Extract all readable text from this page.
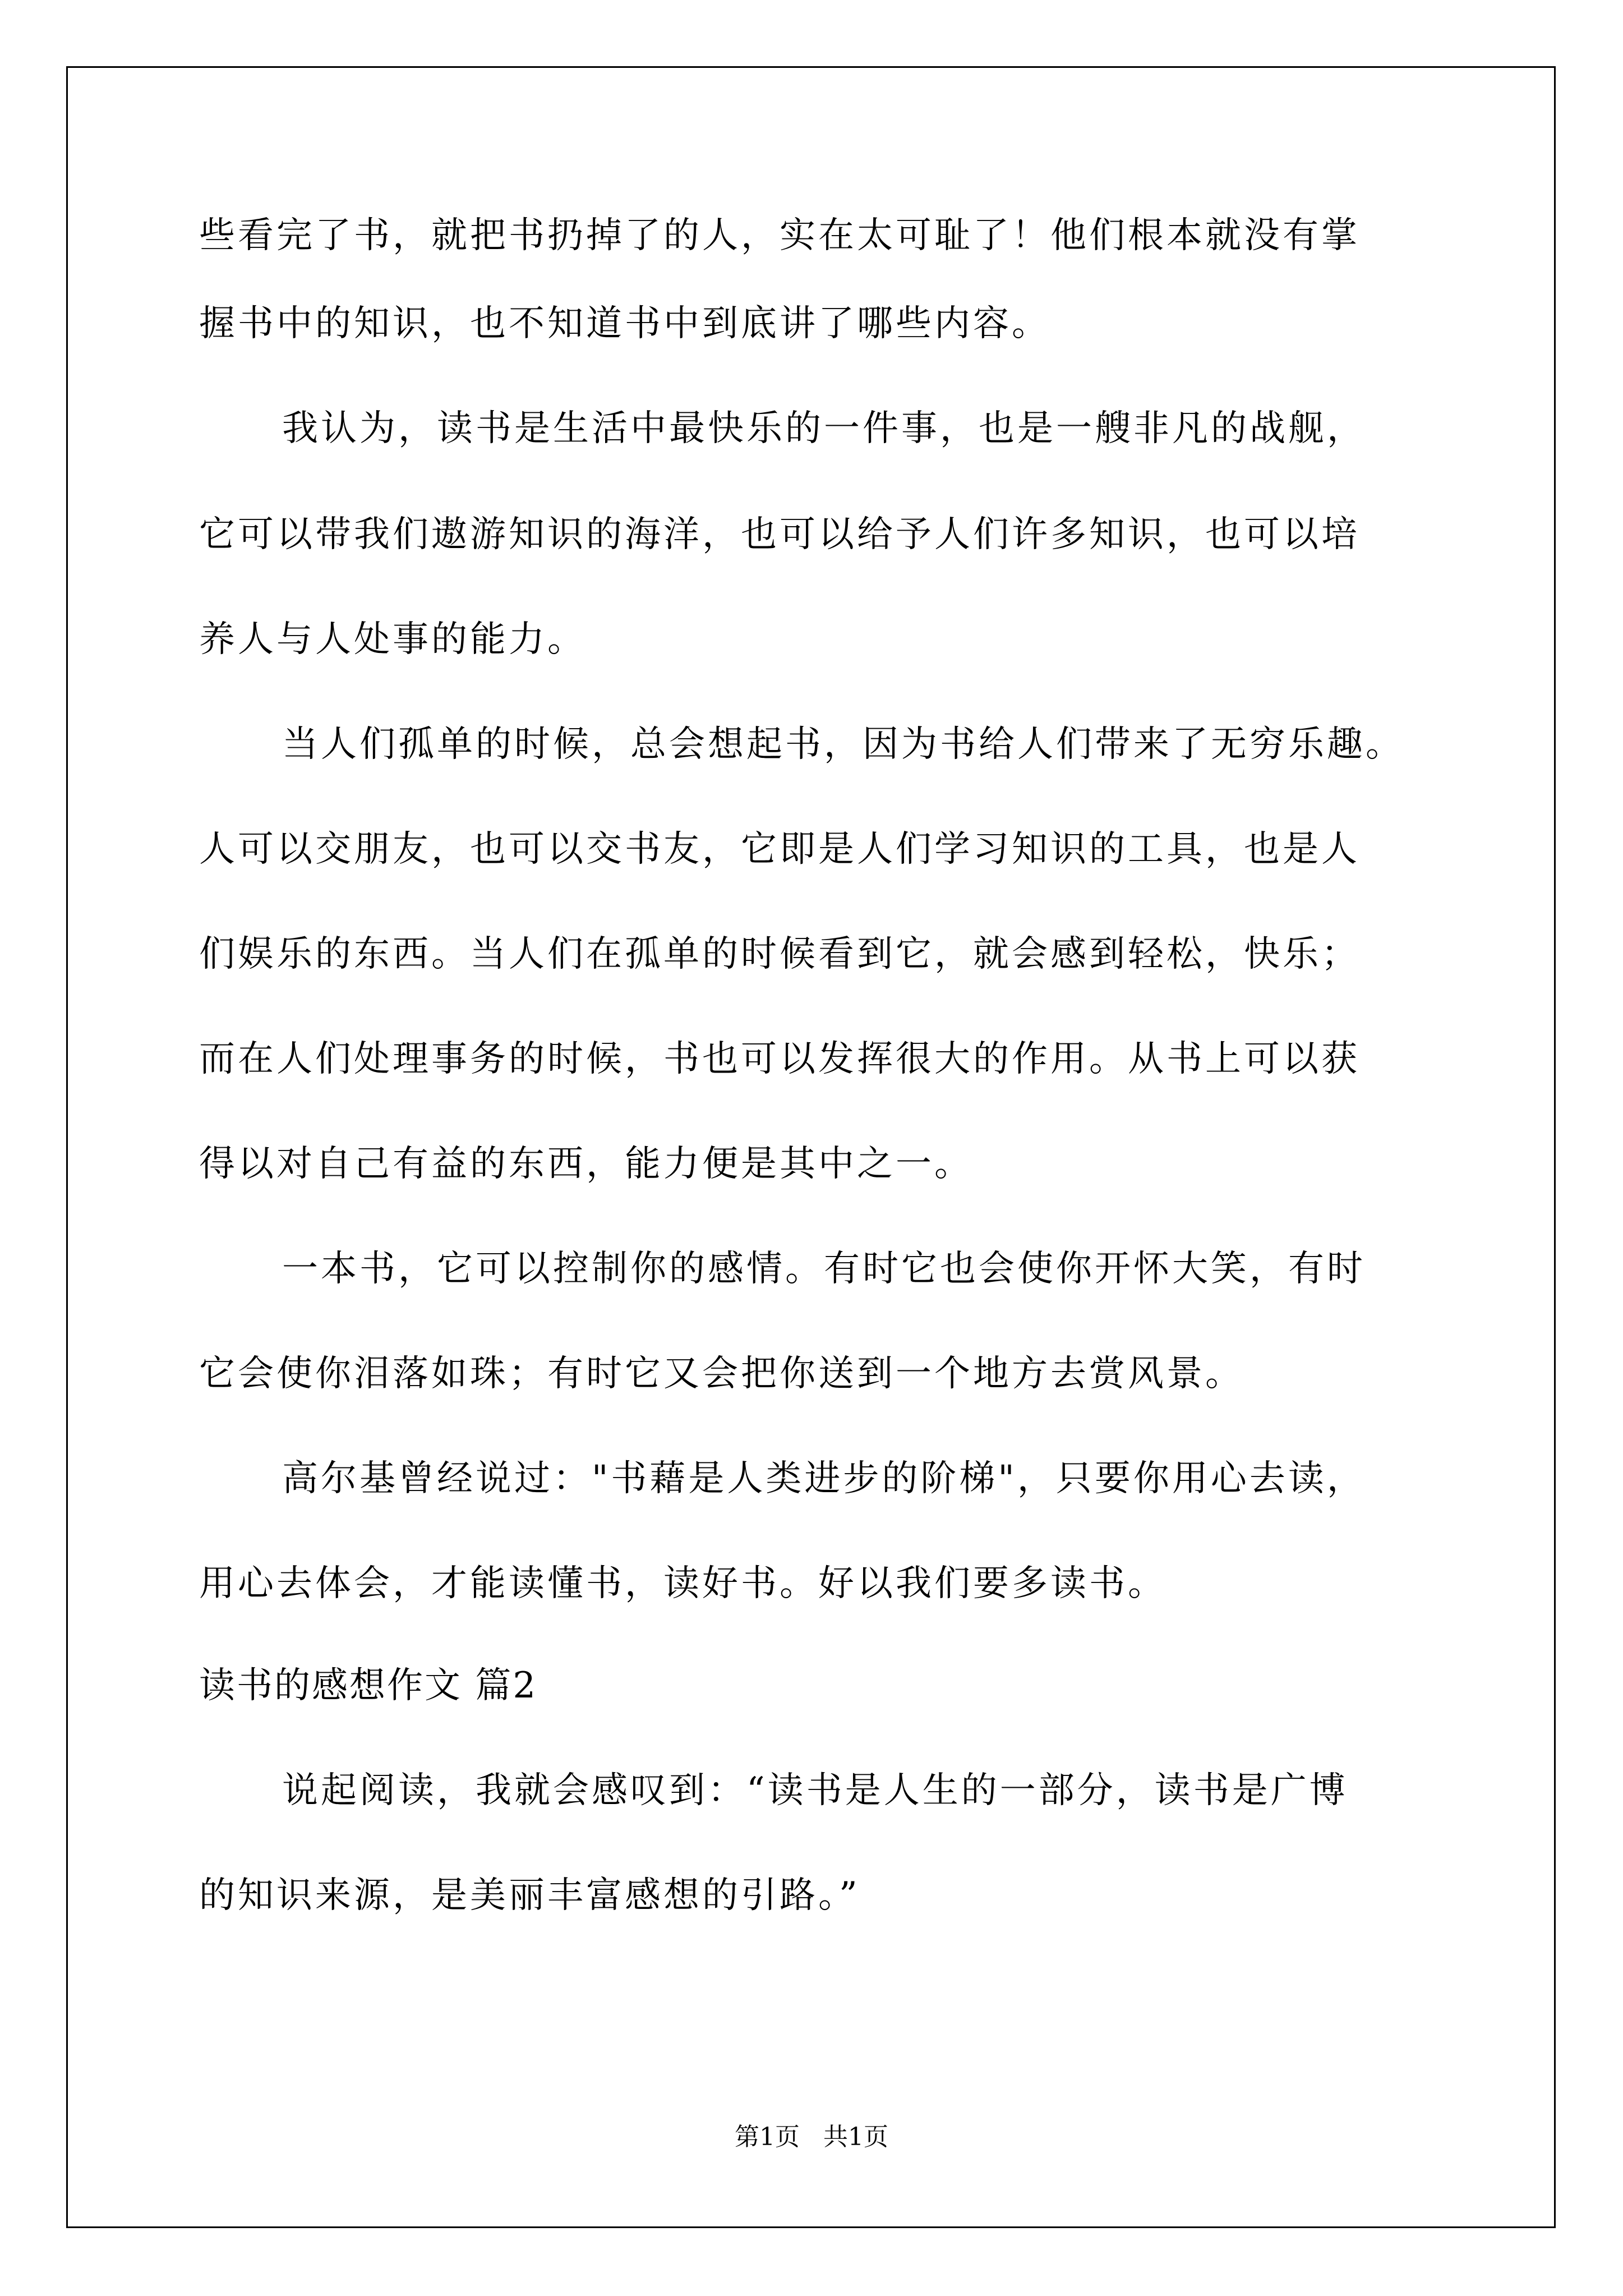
些看完了书，就把书扔掉了的人，实在太可耻了！他们根本就没有掌
握书中的知识，也不知道书中到底讲了哪些内容。
我认为，读书是生活中最快乐的一件事，也是一艘非凡的战舰，
它可以带我们遨游知识的海洋，也可以给予人们许多知识，也可以培
养人与人处事的能力。
当人们孤单的时候，总会想起书，因为书给人们带来了无穷乐趣。
人可以交朋友，也可以交书友，它即是人们学习知识的工具，也是人
们娱乐的东西。当人们在孤单的时候看到它，就会感到轻松，快乐；
而在人们处理事务的时候，书也可以发挥很大的作用。从书上可以获
得以对自己有益的东西，能力便是其中之一。
一本书，它可以控制你的感情。有时它也会使你开怀大笑，有时
它会使你泪落如珠；有时它又会把你送到一个地方去赏风景。
高尔基曾经说过："书藉是人类进步的阶梯"，只要你用心去读，
用心去体会，才能读懂书，读好书。好以我们要多读书。
读书的感想作文 篇2
说起阅读，我就会感叹到：“读书是人生的一部分，读书是广博
的知识来源，是美丽丰富感想的引路。”
第1页 共1页
